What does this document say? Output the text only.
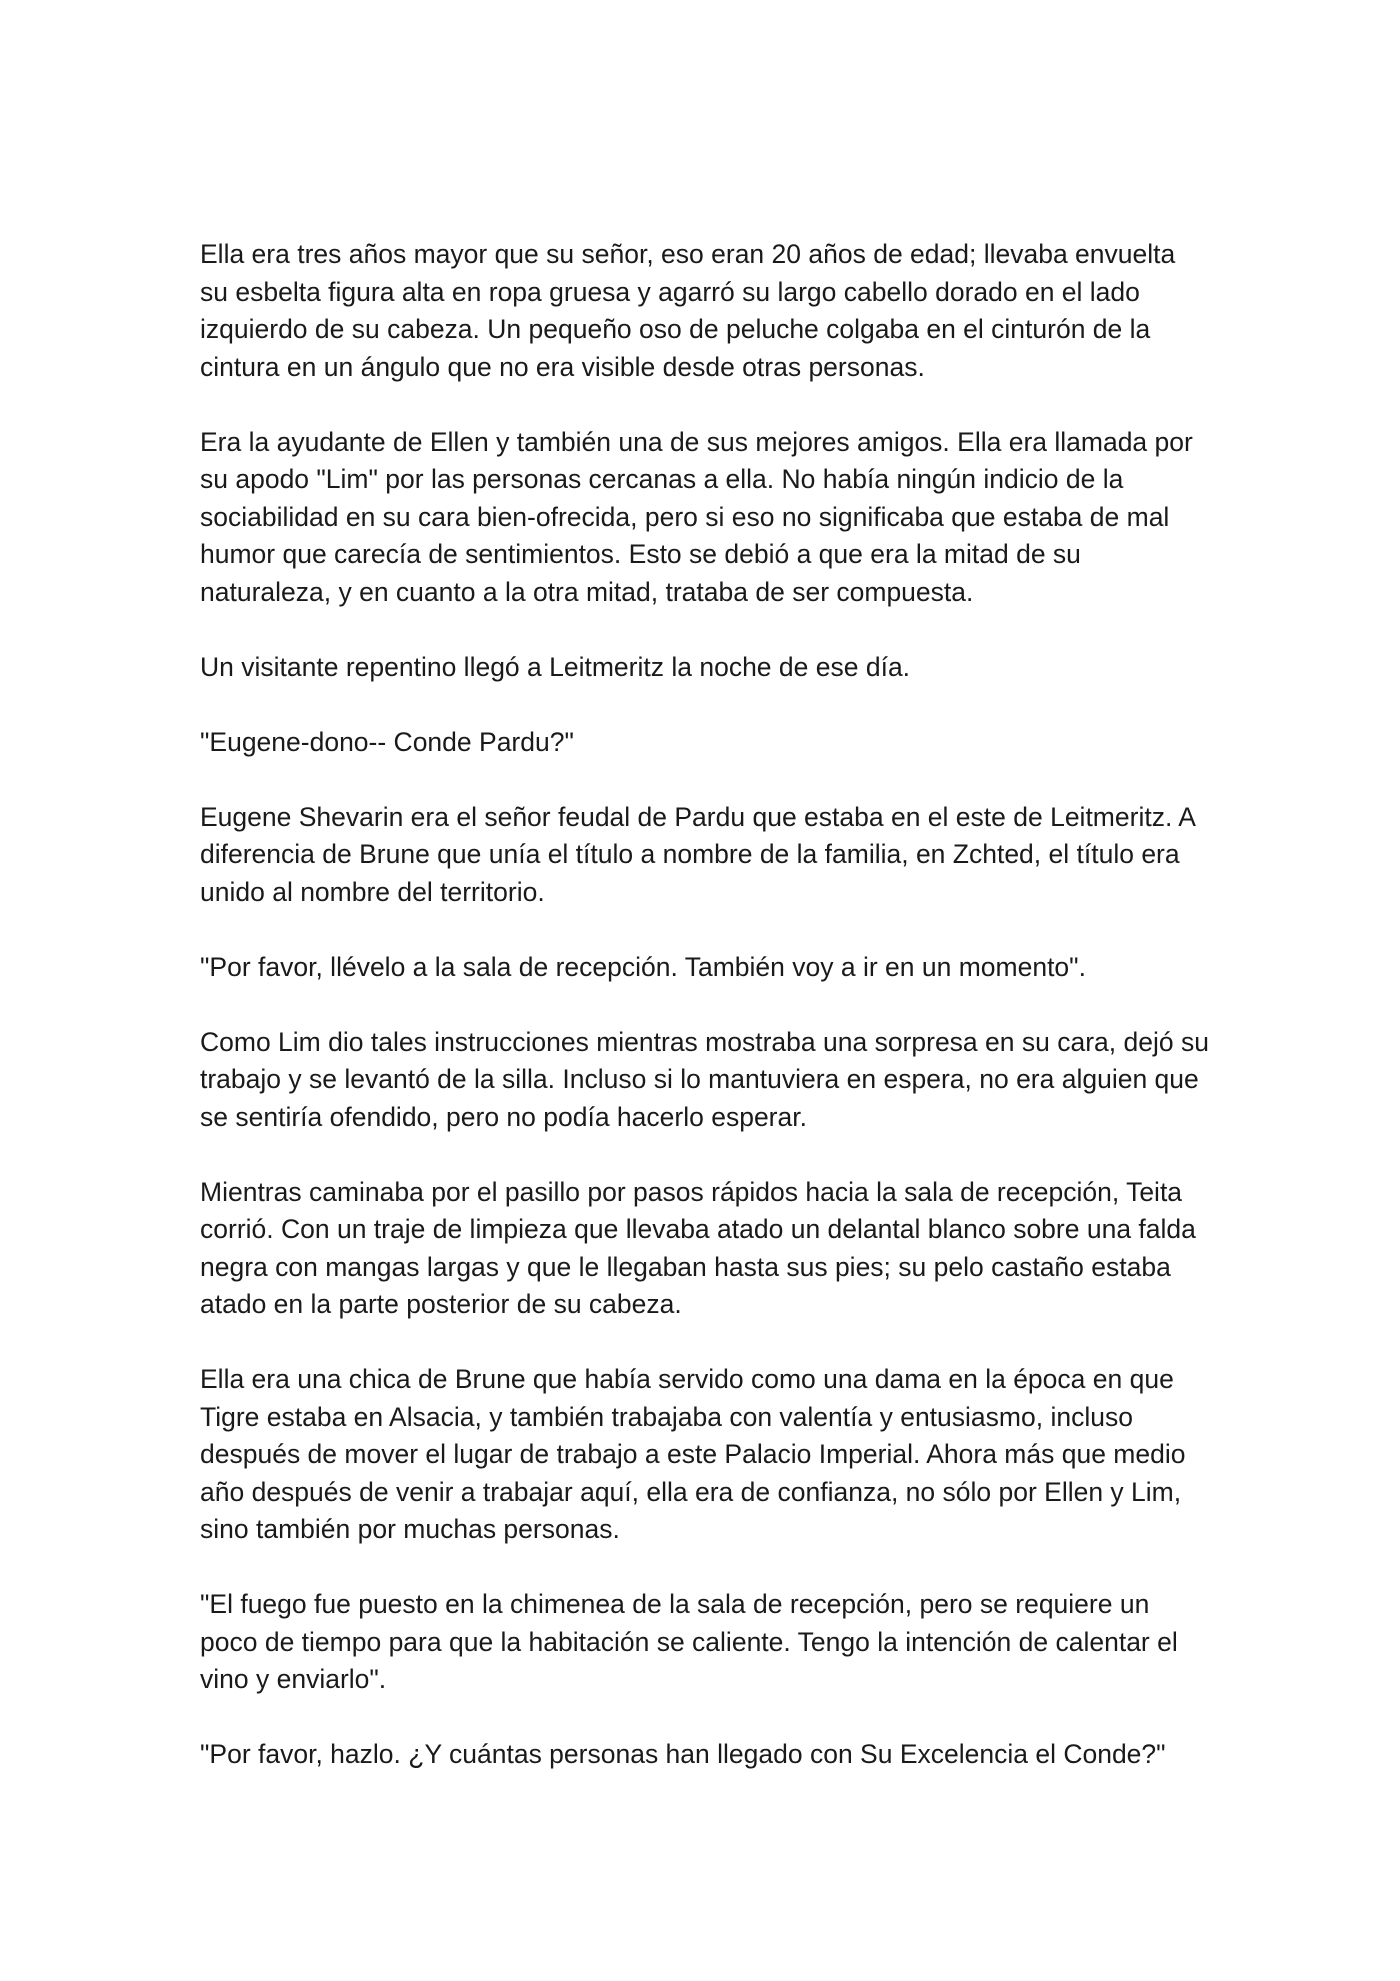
Ella era tres años mayor que su señor, eso eran 20 años de edad; llevaba envuelta su esbelta figura alta en ropa gruesa y agarró su largo cabello dorado en el lado izquierdo de su cabeza. Un pequeño oso de peluche colgaba en el cinturón de la cintura en un ángulo que no era visible desde otras personas.

Era la ayudante de Ellen y también una de sus mejores amigos. Ella era llamada por su apodo "Lim" por las personas cercanas a ella. No había ningún indicio de la sociabilidad en su cara bien-ofrecida, pero si eso no significaba que estaba de mal humor que carecía de sentimientos. Esto se debió a que era la mitad de su naturaleza, y en cuanto a la otra mitad, trataba de ser compuesta.

Un visitante repentino llegó a Leitmeritz la noche de ese día.

"Eugene-dono-- Conde Pardu?"

Eugene Shevarin era el señor feudal de Pardu que estaba en el este de Leitmeritz. A diferencia de Brune que unía el título a nombre de la familia, en Zchted, el título era unido al nombre del territorio.

"Por favor, llévelo a la sala de recepción. También voy a ir en un momento".

Como Lim dio tales instrucciones mientras mostraba una sorpresa en su cara, dejó su trabajo y se levantó de la silla. Incluso si lo mantuviera en espera, no era alguien que se sentiría ofendido, pero no podía hacerlo esperar.

Mientras caminaba por el pasillo por pasos rápidos hacia la sala de recepción, Teita corrió. Con un traje de limpieza que llevaba atado un delantal blanco sobre una falda negra con mangas largas y que le llegaban hasta sus pies; su pelo castaño estaba atado en la parte posterior de su cabeza.

Ella era una chica de Brune que había servido como una dama en la época en que Tigre estaba en Alsacia, y también trabajaba con valentía y entusiasmo, incluso después de mover el lugar de trabajo a este Palacio Imperial. Ahora más que medio año después de venir a trabajar aquí, ella era de confianza, no sólo por Ellen y Lim, sino también por muchas personas.

"El fuego fue puesto en la chimenea de la sala de recepción, pero se requiere un poco de tiempo para que la habitación se caliente. Tengo la intención de calentar el vino y enviarlo".

"Por favor, hazlo. ¿Y cuántas personas han llegado con Su Excelencia el Conde?"
